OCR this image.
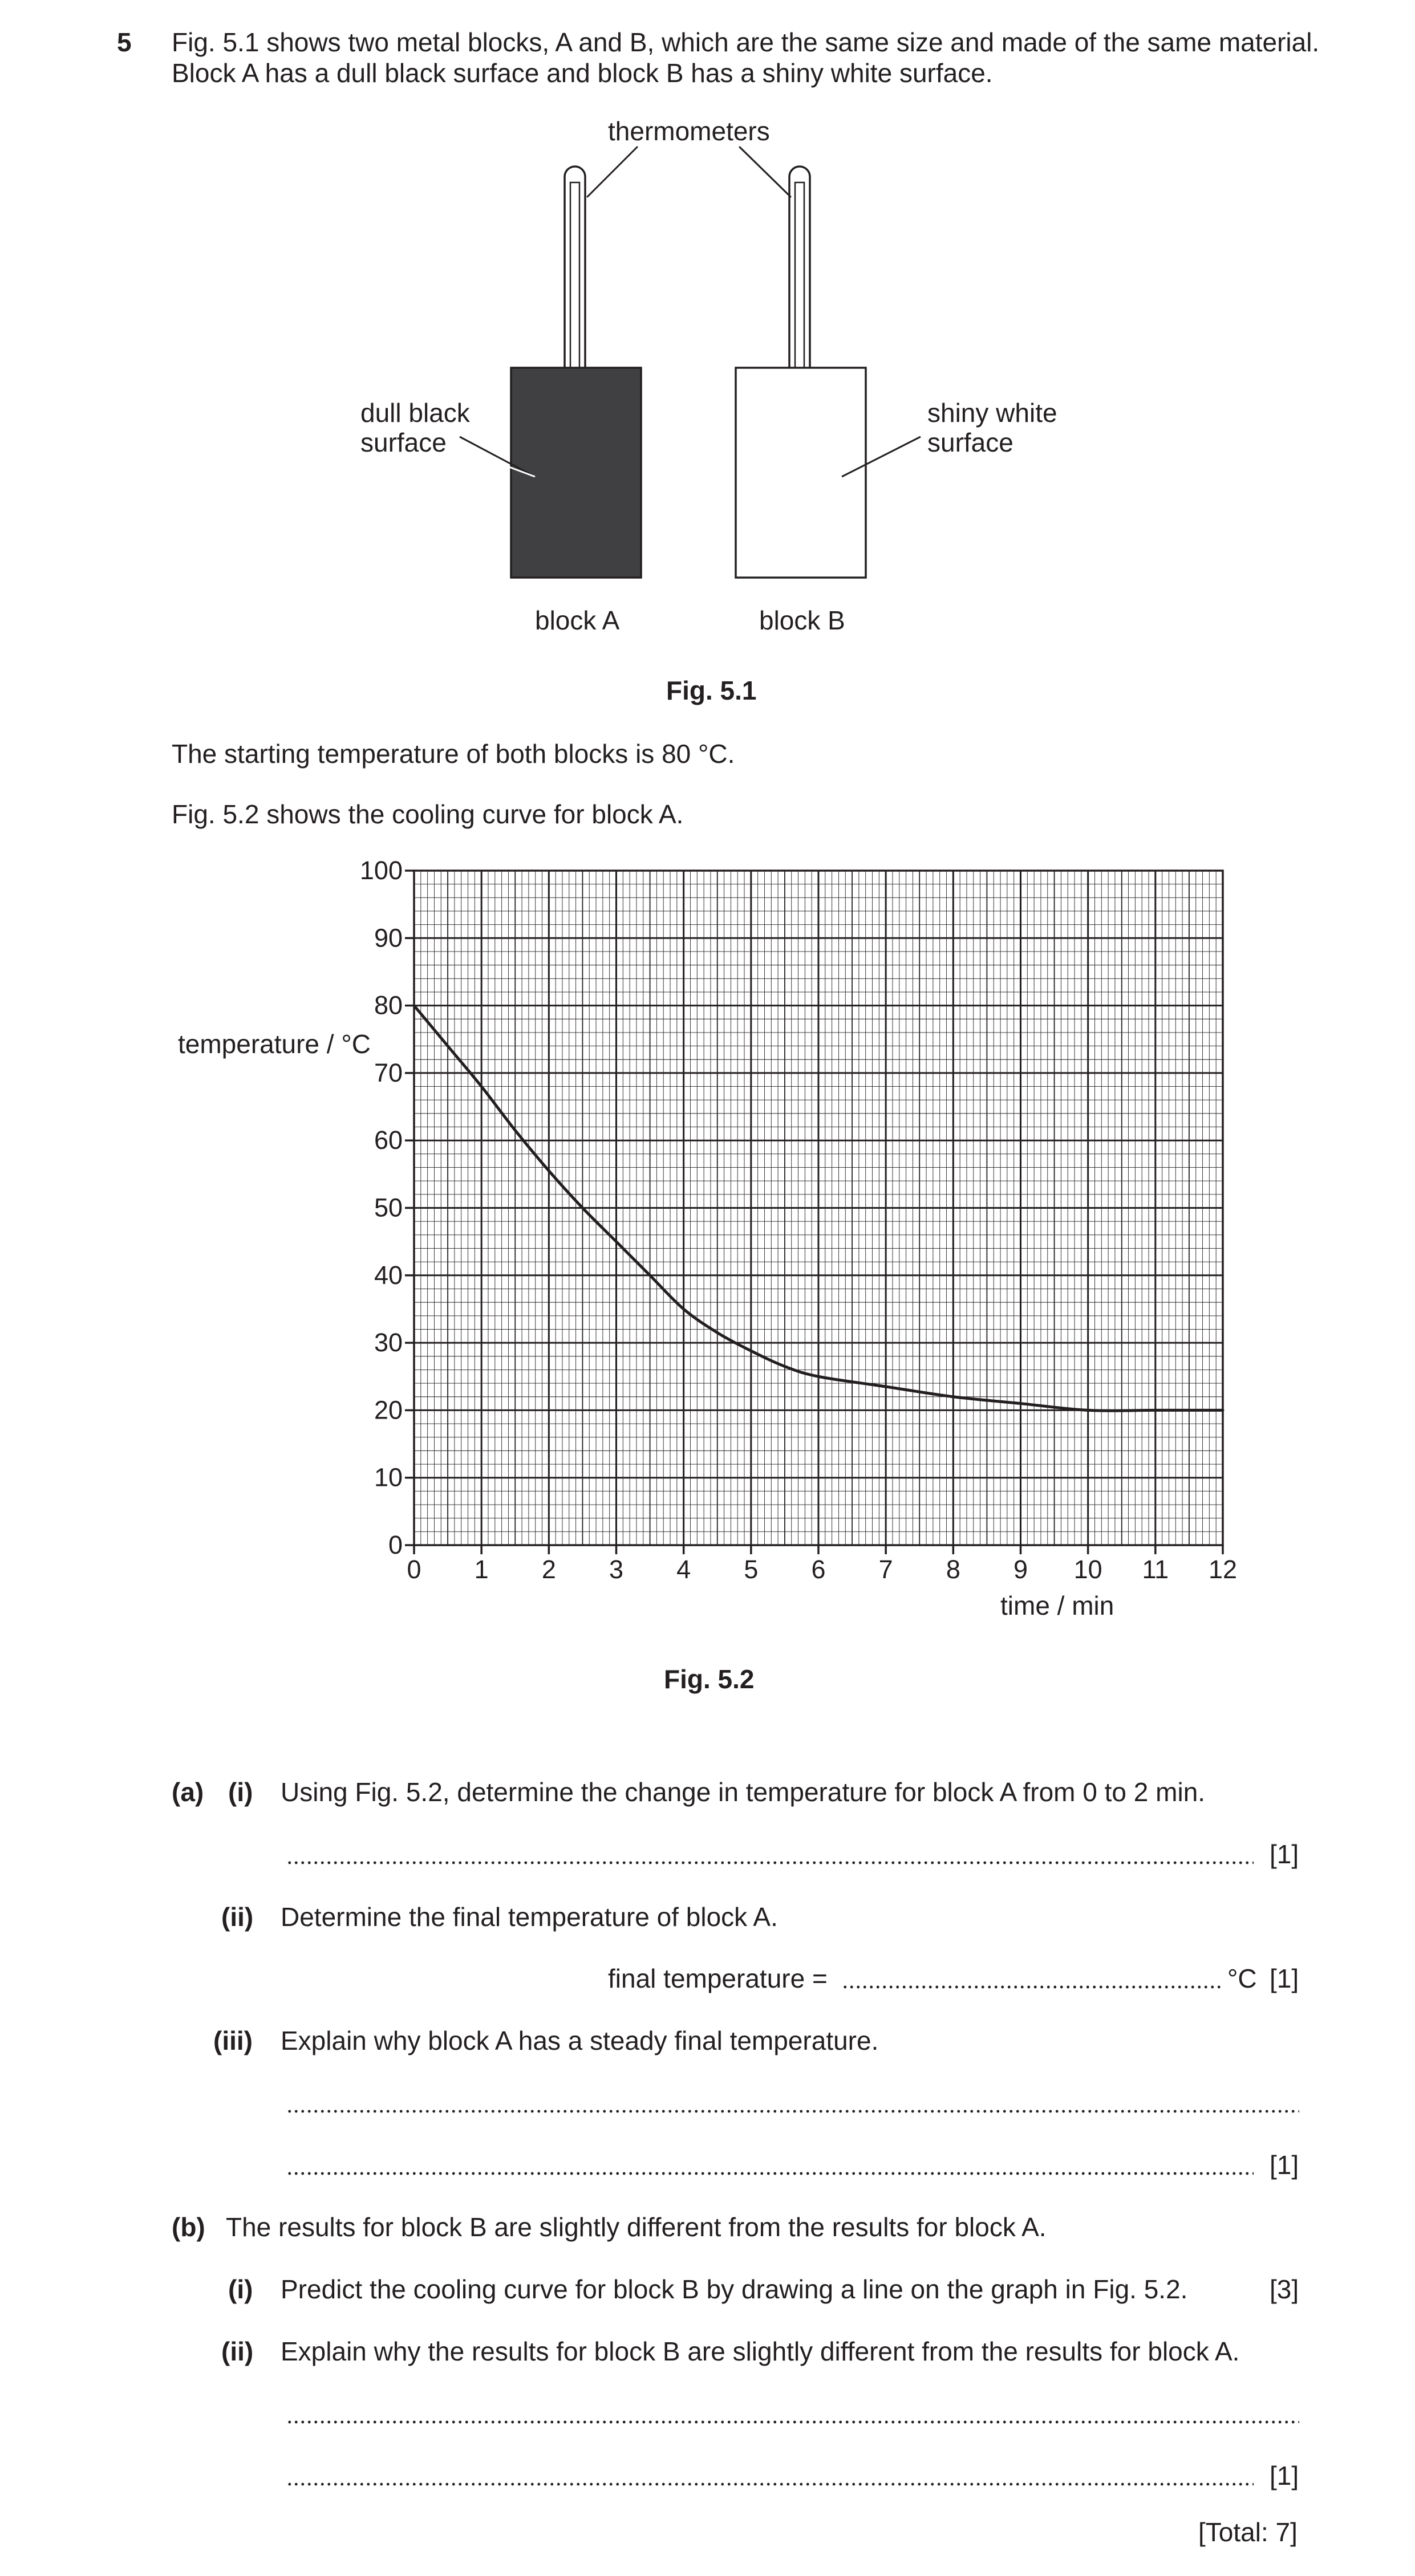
5 Fig. 5.1 shows two metal blocks, A and B, which are the same size and made of the same material.
Block A has a dull black surface and block B has a shiny white surface.
thermometers
dull black
surface
shiny white
surface
block A	block B
Fig. 5.1
The starting temperature of both blocks is 80 °C.
Fig. 5.2 shows the cooling curve for block A.
0
10
20
30
40
50
60
70
80
90
100
0 1 2 3 4 5 6 7 8 9 10 11 12
temperature / °C
time / min
Fig. 5.2
(a) (i) Using Fig. 5.2, determine the change in temperature for block A from 0 to 2 min.
[1]
(ii) Determine the final temperature of block A.
final temperature =	°C [1]
(iii) Explain why block A has a steady final temperature.
[1]
(b) The results for block B are slightly different from the results for block A.
(i) Predict the cooling curve for block B by drawing a line on the graph in Fig. 5.2.	[3]
(ii) Explain why the results for block B are slightly different from the results for block A.
[1]
[Total: 7]
